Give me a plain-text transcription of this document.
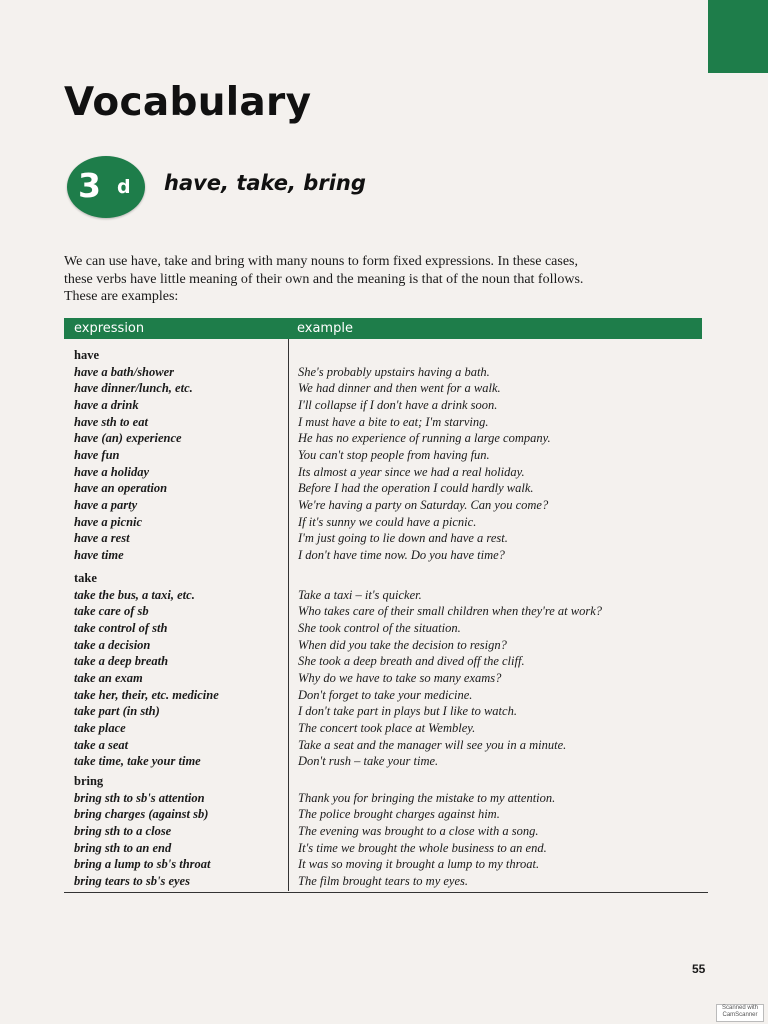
Vocabulary
3 d have, take, bring

We can use have, take and bring with many nouns to form fixed expressions. In these cases, these verbs have little meaning of their own and the meaning is that of the noun that follows. These are examples:

expression	example
have
have a bath/shower
have dinner/lunch, etc.
have a drink
have sth to eat
have (an) experience
have fun
have a holiday
have an operation
have a party
have a picnic
have a rest
have time
take
take the bus, a taxi, etc.
take care of sb
take control of sth
take a decision
take a deep breath
take an exam
take her, their, etc. medicine
take part (in sth)
take place
take a seat
take time, take your time
bring
bring sth to sb's attention
bring charges (against sb)
bring sth to a close
bring sth to an end
bring a lump to sb's throat
bring tears to sb's eyes
She's probably upstairs having a bath.
We had dinner and then went for a walk.
I'll collapse if I don't have a drink soon.
I must have a bite to eat; I'm starving.
He has no experience of running a large company.
You can't stop people from having fun.
Its almost a year since we had a real holiday.
Before I had the operation I could hardly walk.
We're having a party on Saturday. Can you come?
If it's sunny we could have a picnic.
I'm just going to lie down and have a rest.
I don't have time now. Do you have time?
Take a taxi – it's quicker.
Who takes care of their small children when they're at work?
She took control of the situation.
When did you take the decision to resign?
She took a deep breath and dived off the cliff.
Why do we have to take so many exams?
Don't forget to take your medicine.
I don't take part in plays but I like to watch.
The concert took place at Wembley.
Take a seat and the manager will see you in a minute.
Don't rush – take your time.
Thank you for bringing the mistake to my attention.
The police brought charges against him.
The evening was brought to a close with a song.
It's time we brought the whole business to an end.
It was so moving it brought a lump to my throat.
The film brought tears to my eyes.
55
Scanned with
CamScanner
